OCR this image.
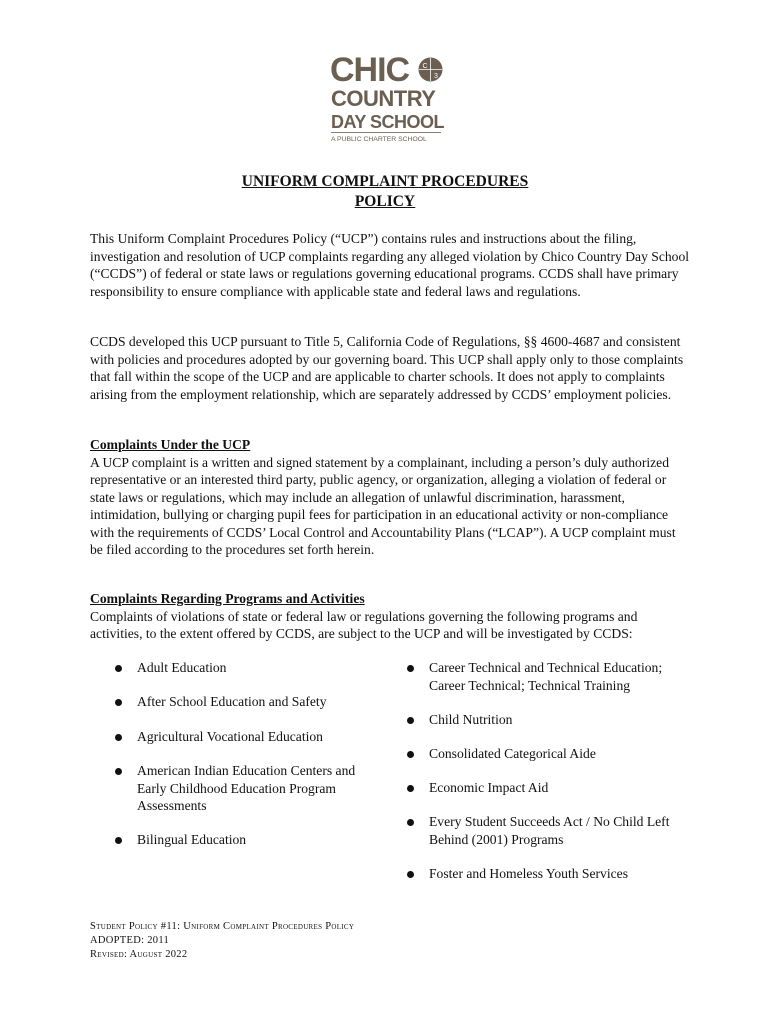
CHIC C
3
COUNTRY
DAY SCHOOL
A PUBLIC CHARTER SCHOOL
UNIFORM COMPLAINT PROCEDURES
POLICY

This Uniform Complaint Procedures Policy (“UCP”) contains rules and instructions about the filing, investigation and resolution of UCP complaints regarding any alleged violation by Chico Country Day School (“CCDS”) of federal or state laws or regulations governing educational programs. CCDS shall have primary responsibility to ensure compliance with applicable state and federal laws and regulations.

CCDS developed this UCP pursuant to Title 5, California Code of Regulations, §§ 4600-4687 and consistent with policies and procedures adopted by our governing board. This UCP shall apply only to those complaints that fall within the scope of the UCP and are applicable to charter schools. It does not apply to complaints arising from the employment relationship, which are separately addressed by CCDS’ employment policies.

Complaints Under the UCP
A UCP complaint is a written and signed statement by a complainant, including a person’s duly authorized representative or an interested third party, public agency, or organization, alleging a violation of federal or state laws or regulations, which may include an allegation of unlawful discrimination, harassment, intimidation, bullying or charging pupil fees for participation in an educational activity or non-compliance with the requirements of CCDS’ Local Control and Accountability Plans (“LCAP”). A UCP complaint must be filed according to the procedures set forth herein.
Complaints Regarding Programs and Activities
Complaints of violations of state or federal law or regulations governing the following programs and activities, to the extent offered by CCDS, are subject to the UCP and will be investigated by CCDS:
Adult Education
After School Education and Safety
Agricultural Vocational Education
American Indian Education Centers and Early Childhood Education Program Assessments
Bilingual Education
Career Technical and Technical Education; Career Technical; Technical Training
Child Nutrition
Consolidated Categorical Aide
Economic Impact Aid
Every Student Succeeds Act / No Child Left Behind (2001) Programs
Foster and Homeless Youth Services
Student Policy #11: Uniform Complaint Procedures Policy
ADOPTED: 2011
Revised: August 2022
